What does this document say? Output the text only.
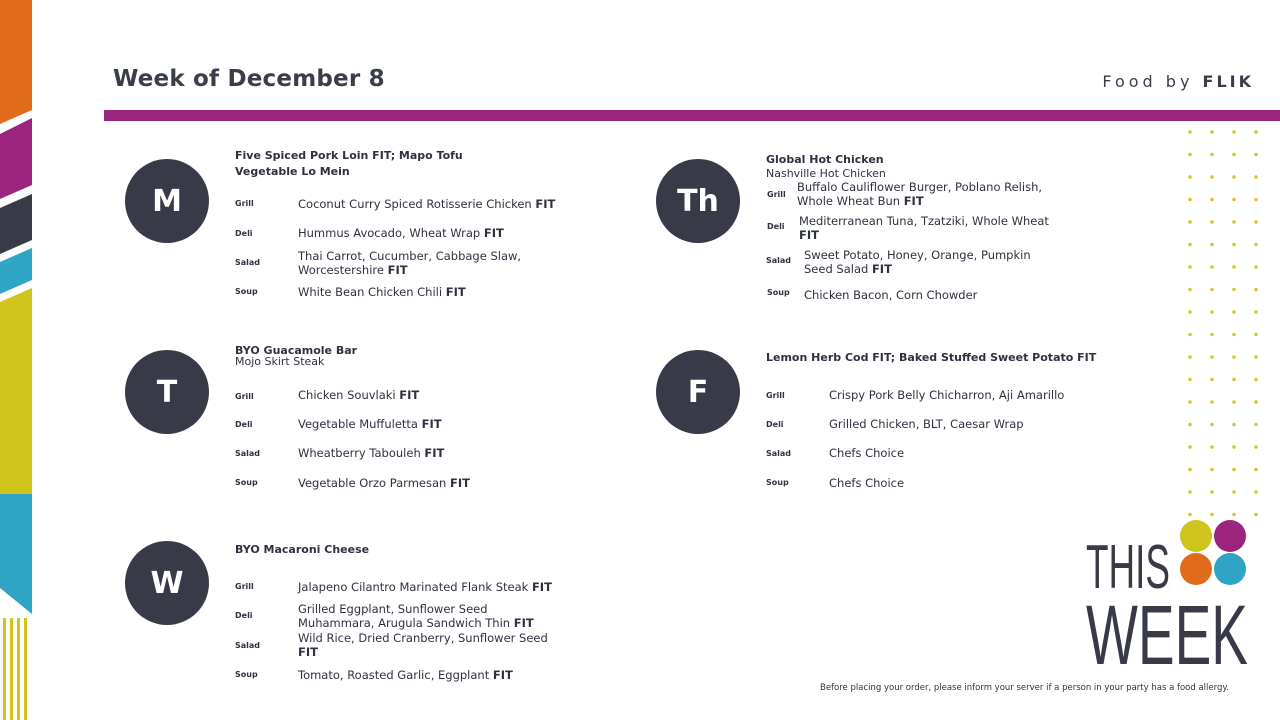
Week of December 8	Food by FLIK
M
Five Spiced Pork Loin FIT; Mapo Tofu
Vegetable Lo Mein
Grill	Coconut Curry Spiced Rotisserie Chicken FIT
Deli	Hummus Avocado, Wheat Wrap FIT
Salad	Thai Carrot, Cucumber, Cabbage Slaw,
Worcestershire FIT
Soup	White Bean Chicken Chili FIT
T
BYO Guacamole Bar
Mojo Skirt Steak
Grill	Chicken Souvlaki FIT
Deli	Vegetable Muffuletta FIT
Salad	Wheatberry Tabouleh FIT
Soup	Vegetable Orzo Parmesan FIT
W
BYO Macaroni Cheese
Grill	Jalapeno Cilantro Marinated Flank Steak FIT
Deli	Grilled Eggplant, Sunflower Seed
Muhammara, Arugula Sandwich Thin FIT
Salad
Wild Rice, Dried Cranberry, Sunflower Seed
FIT
Soup	Tomato, Roasted Garlic, Eggplant FIT
Th
Global Hot Chicken
Nashville Hot Chicken
Grill
Buffalo Cauliflower Burger, Poblano Relish,
Whole Wheat Bun FIT
Deli Mediterranean Tuna, Tzatziki, Whole Wheat
FIT
Salad Sweet Potato, Honey, Orange, Pumpkin
Seed Salad FIT
Soup Chicken Bacon, Corn Chowder
F
Lemon Herb Cod FIT; Baked Stuffed Sweet Potato FIT
Grill	Crispy Pork Belly Chicharron, Aji Amarillo
Deli	Grilled Chicken, BLT, Caesar Wrap
Salad	Chefs Choice
Soup	Chefs Choice
THIS
WEEK
Before placing your order, please inform your server if a person in your party has a food allergy.
